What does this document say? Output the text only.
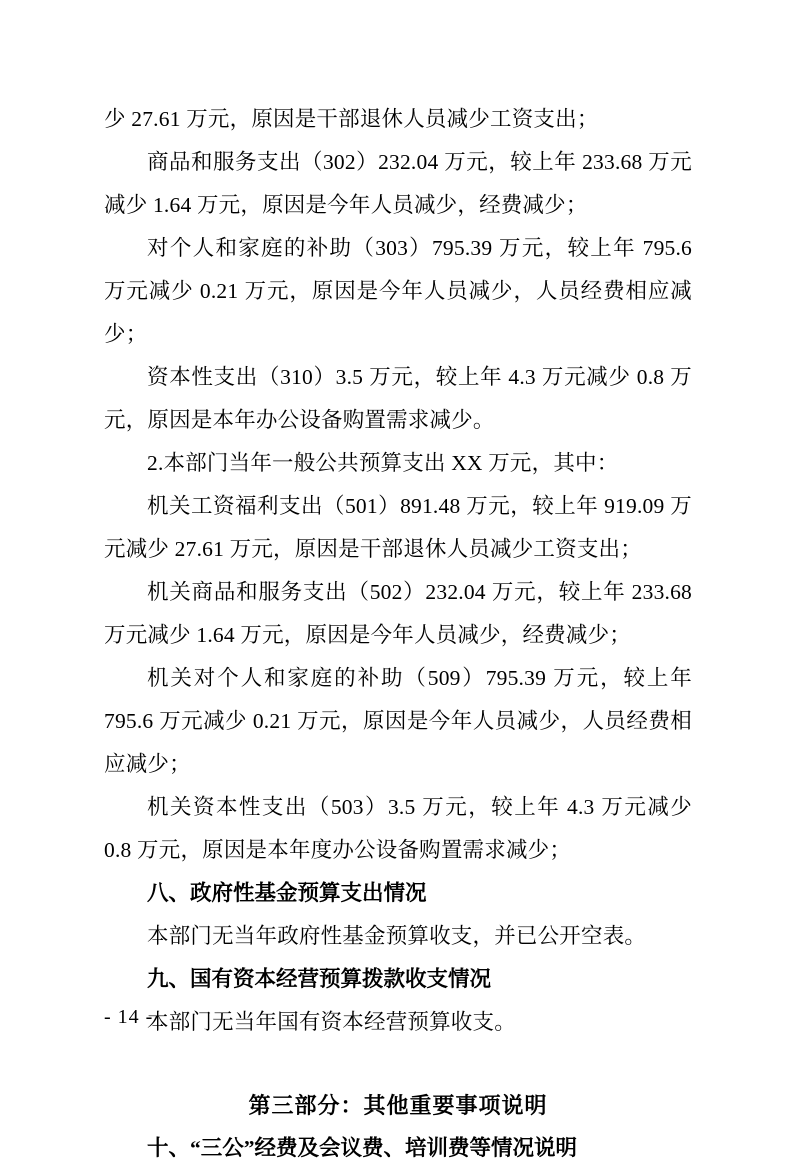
少 27.61 万元，原因是干部退休人员减少工资支出；

商品和服务支出（302）232.04 万元，较上年 233.68 万元减少 1.64 万元，原因是今年人员减少，经费减少；

对个人和家庭的补助（303）795.39 万元，较上年 795.6 万元减少 0.21 万元，原因是今年人员减少，人员经费相应减少；

资本性支出（310）3.5 万元，较上年 4.3 万元减少 0.8 万元，原因是本年办公设备购置需求减少。

2.本部门当年一般公共预算支出 XX 万元，其中：

机关工资福利支出（501）891.48 万元，较上年 919.09 万元减少 27.61 万元，原因是干部退休人员减少工资支出；

机关商品和服务支出（502）232.04 万元，较上年 233.68 万元减少 1.64 万元，原因是今年人员减少，经费减少；

机关对个人和家庭的补助（509）795.39 万元，较上年 795.6 万元减少 0.21 万元，原因是今年人员减少，人员经费相应减少；

机关资本性支出（503）3.5 万元，较上年 4.3 万元减少 0.8 万元，原因是本年度办公设备购置需求减少；

八、政府性基金预算支出情况

本部门无当年政府性基金预算收支，并已公开空表。

九、国有资本经营预算拨款收支情况

本部门无当年国有资本经营预算收支。

第三部分：其他重要事项说明

十、“三公”经费及会议费、培训费等情况说明

- 14 -
